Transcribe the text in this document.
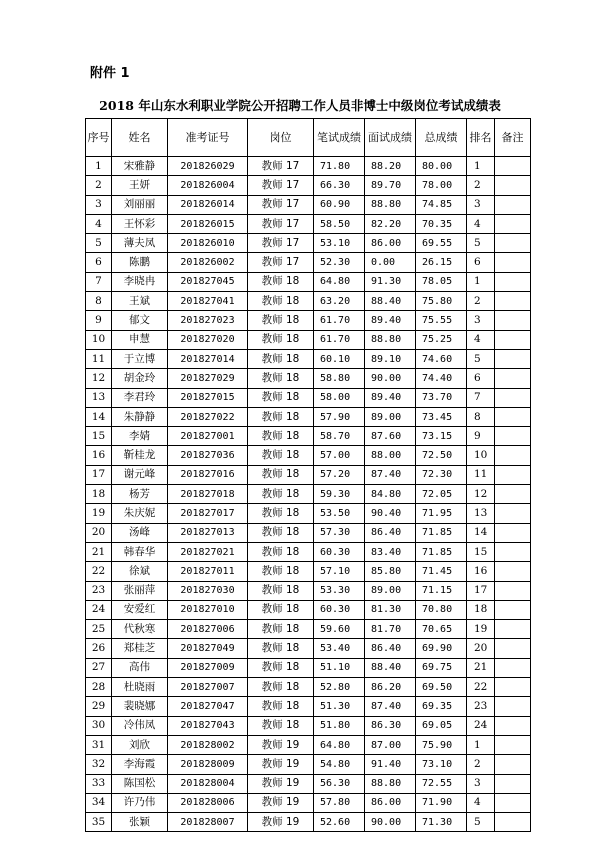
附件 1
2018 年山东水利职业学院公开招聘工作人员非博士中级岗位考试成绩表
序号	姓名	准考证号	岗位	笔试成绩	面试成绩	总成绩	排名	备注
1	宋雅静	201826029	教师 17	71.80	88.20	80.00	1	
2	王妍	201826004	教师 17	66.30	89.70	78.00	2	
3	刘丽丽	201826014	教师 17	60.90	88.80	74.85	3	
4	王怀彩	201826015	教师 17	58.50	82.20	70.35	4	
5	薄夫凤	201826010	教师 17	53.10	86.00	69.55	5	
6	陈鹏	201826002	教师 17	52.30	0.00	26.15	6	
7	李晓冉	201827045	教师 18	64.80	91.30	78.05	1	
8	王斌	201827041	教师 18	63.20	88.40	75.80	2	
9	郁文	201827023	教师 18	61.70	89.40	75.55	3	
10	申慧	201827020	教师 18	61.70	88.80	75.25	4	
11	于立博	201827014	教师 18	60.10	89.10	74.60	5	
12	胡金玲	201827029	教师 18	58.80	90.00	74.40	6	
13	李君玲	201827015	教师 18	58.00	89.40	73.70	7	
14	朱静静	201827022	教师 18	57.90	89.00	73.45	8	
15	李婧	201827001	教师 18	58.70	87.60	73.15	9	
16	靳桂龙	201827036	教师 18	57.00	88.00	72.50	10	
17	谢元峰	201827016	教师 18	57.20	87.40	72.30	11	
18	杨芳	201827018	教师 18	59.30	84.80	72.05	12	
19	朱庆妮	201827017	教师 18	53.50	90.40	71.95	13	
20	汤峰	201827013	教师 18	57.30	86.40	71.85	14	
21	韩春华	201827021	教师 18	60.30	83.40	71.85	15	
22	徐斌	201827011	教师 18	57.10	85.80	71.45	16	
23	张丽萍	201827030	教师 18	53.30	89.00	71.15	17	
24	安爱红	201827010	教师 18	60.30	81.30	70.80	18	
25	代秋寒	201827006	教师 18	59.60	81.70	70.65	19	
26	郑桂芝	201827049	教师 18	53.40	86.40	69.90	20	
27	高伟	201827009	教师 18	51.10	88.40	69.75	21	
28	杜晓雨	201827007	教师 18	52.80	86.20	69.50	22	
29	裴晓娜	201827047	教师 18	51.30	87.40	69.35	23	
30	冷伟凤	201827043	教师 18	51.80	86.30	69.05	24	
31	刘欣	201828002	教师 19	64.80	87.00	75.90	1	
32	李海霞	201828009	教师 19	54.80	91.40	73.10	2	
33	陈国松	201828004	教师 19	56.30	88.80	72.55	3	
34	许乃伟	201828006	教师 19	57.80	86.00	71.90	4	
35	张颖	201828007	教师 19	52.60	90.00	71.30	5	
